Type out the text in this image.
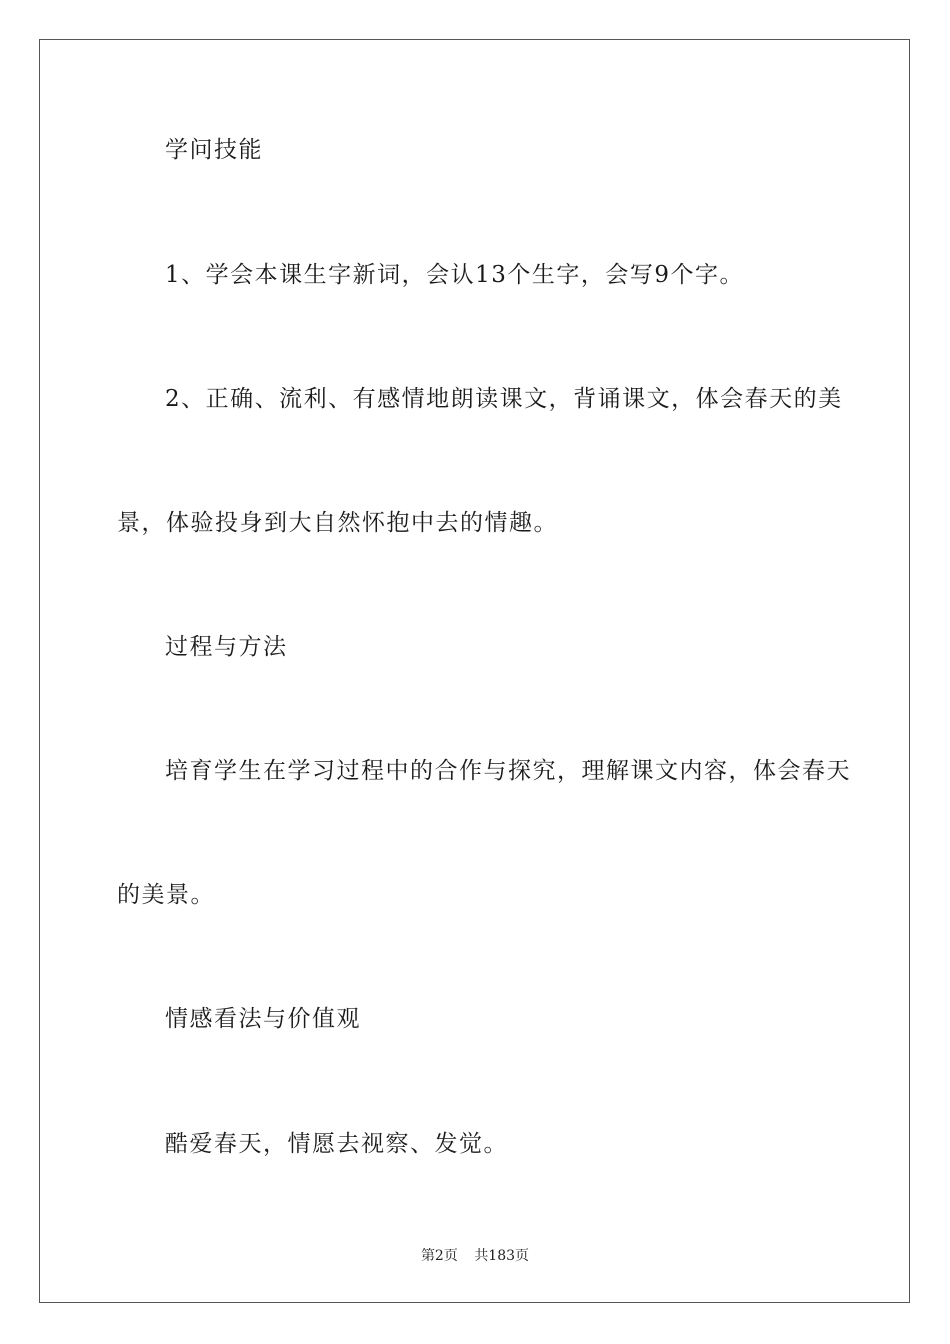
学问技能
1、学会本课生字新词，会认13个生字，会写9个字。
2、正确、流利、有感情地朗读课文，背诵课文，体会春天的美
景，体验投身到大自然怀抱中去的情趣。
过程与方法
培育学生在学习过程中的合作与探究，理解课文内容，体会春天
的美景。
情感看法与价值观
酷爱春天，情愿去视察、发觉。
第2页 共183页
